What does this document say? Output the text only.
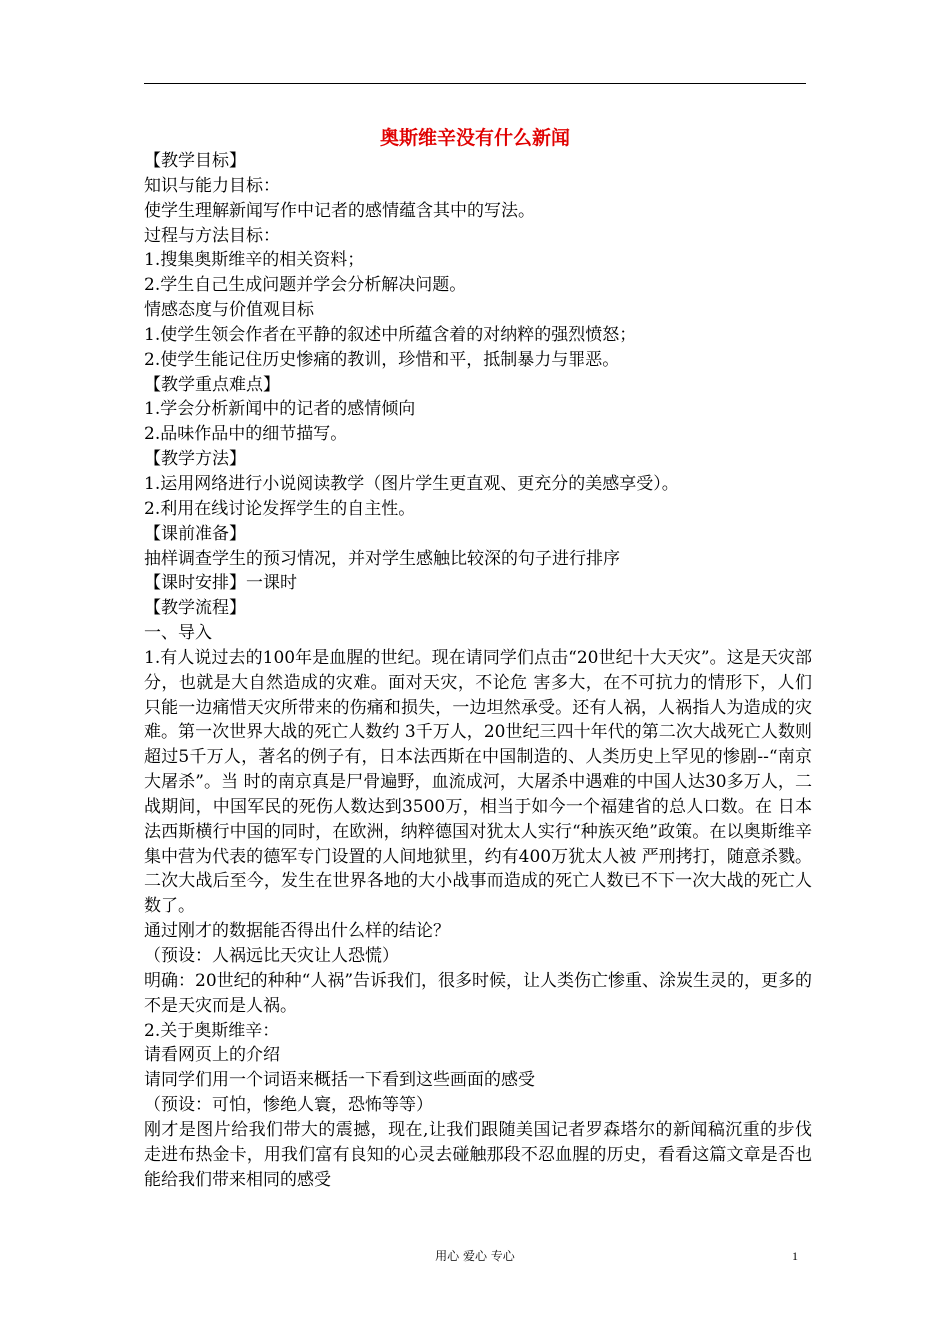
奥斯维辛没有什么新闻
【教学目标】
知识与能力目标：
使学生理解新闻写作中记者的感情蕴含其中的写法。
过程与方法目标：
1.搜集奥斯维辛的相关资料；
2.学生自己生成问题并学会分析解决问题。
情感态度与价值观目标
1.使学生领会作者在平静的叙述中所蕴含着的对纳粹的强烈愤怒；
2.使学生能记住历史惨痛的教训，珍惜和平，抵制暴力与罪恶。
【教学重点难点】
1.学会分析新闻中的记者的感情倾向
2.品味作品中的细节描写。
【教学方法】
1.运用网络进行小说阅读教学（图片学生更直观、更充分的美感享受）。
2.利用在线讨论发挥学生的自主性。
【课前准备】
抽样调查学生的预习情况，并对学生感触比较深的句子进行排序
【课时安排】一课时
【教学流程】
一、导入
1.有人说过去的100年是血腥的世纪。现在请同学们点击“20世纪十大天灾”。这是天灾部分，也就是大自然造成的灾难。面对天灾，不论危 害多大，在不可抗力的情形下，人们只能一边痛惜天灾所带来的伤痛和损失，一边坦然承受。还有人祸，人祸指人为造成的灾难。第一次世界大战的死亡人数约 3千万人，20世纪三四十年代的第二次大战死亡人数则超过5千万人，著名的例子有，日本法西斯在中国制造的、人类历史上罕见的惨剧--“南京大屠杀”。当 时的南京真是尸骨遍野，血流成河，大屠杀中遇难的中国人达30多万人，二战期间，中国军民的死伤人数达到3500万，相当于如今一个福建省的总人口数。在 日本法西斯横行中国的同时，在欧洲，纳粹德国对犹太人实行“种族灭绝”政策。在以奥斯维辛集中营为代表的德军专门设置的人间地狱里，约有400万犹太人被 严刑拷打，随意杀戮。二次大战后至今，发生在世界各地的大小战事而造成的死亡人数已不下一次大战的死亡人数了。
通过刚才的数据能否得出什么样的结论？
（预设：人祸远比天灾让人恐慌）
明确：20世纪的种种“人祸”告诉我们，很多时候，让人类伤亡惨重、涂炭生灵的，更多的不是天灾而是人祸。
2.关于奥斯维辛：
请看网页上的介绍
请同学们用一个词语来概括一下看到这些画面的感受
（预设：可怕，惨绝人寰，恐怖等等）
刚才是图片给我们带大的震撼，现在,让我们跟随美国记者罗森塔尔的新闻稿沉重的步伐走进布热金卡，用我们富有良知的心灵去碰触那段不忍血腥的历史，看看这篇文章是否也能给我们带来相同的感受
用心 爱心 专心	1
